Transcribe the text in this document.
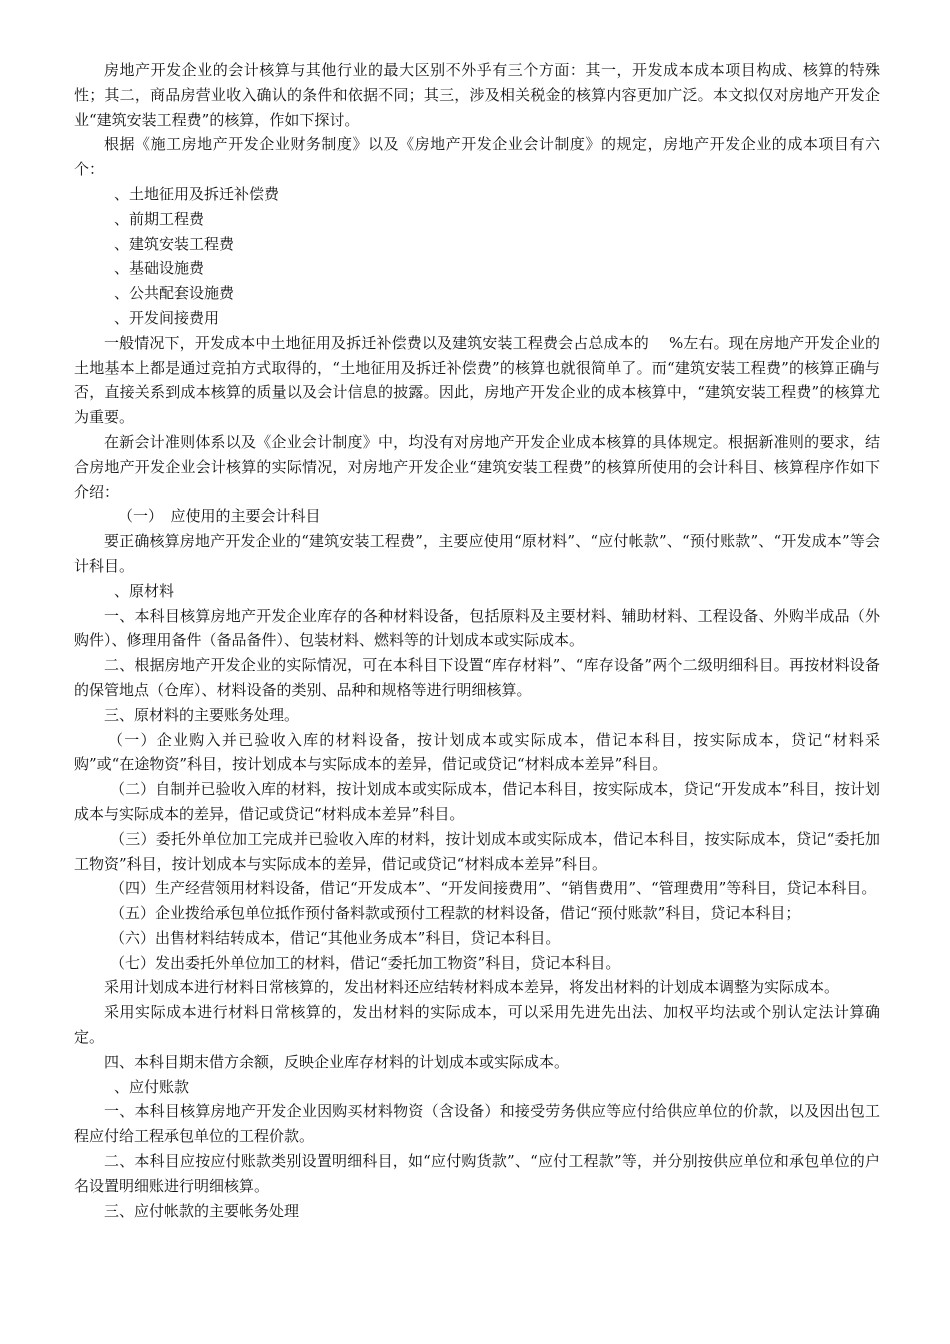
房地产开发企业的会计核算与其他行业的最大区别不外乎有三个方面：其一，开发成本成本项目构成、核算的特殊性；其二，商品房营业收入确认的条件和依据不同；其三，涉及相关税金的核算内容更加广泛。本文拟仅对房地产开发企业“建筑安装工程费”的核算，作如下探讨。

根据《施工房地产开发企业财务制度》以及《房地产开发企业会计制度》的规定，房地产开发企业的成本项目有六个：

、土地征用及拆迁补偿费

、前期工程费

、建筑安装工程费

、基础设施费

、公共配套设施费

、开发间接费用

一般情况下，开发成本中土地征用及拆迁补偿费以及建筑安装工程费会占总成本的　 %左右。现在房地产开发企业的土地基本上都是通过竞拍方式取得的，“土地征用及拆迁补偿费”的核算也就很简单了。而“建筑安装工程费”的核算正确与否，直接关系到成本核算的质量以及会计信息的披露。因此，房地产开发企业的成本核算中，“建筑安装工程费”的核算尤为重要。

在新会计准则体系以及《企业会计制度》中，均没有对房地产开发企业成本核算的具体规定。根据新准则的要求，结合房地产开发企业会计核算的实际情况，对房地产开发企业“建筑安装工程费”的核算所使用的会计科目、核算程序作如下介绍：

（一）　应使用的主要会计科目

要正确核算房地产开发企业的“建筑安装工程费”，主要应使用“原材料”、“应付帐款”、“预付账款”、“开发成本”等会计科目。

、原材料

一、本科目核算房地产开发企业库存的各种材料设备，包括原料及主要材料、辅助材料、工程设备、外购半成品（外购件）、修理用备件（备品备件）、包装材料、燃料等的计划成本或实际成本。

二、根据房地产开发企业的实际情况，可在本科目下设置“库存材料”、“库存设备”两个二级明细科目。再按材料设备的保管地点（仓库）、材料设备的类别、品种和规格等进行明细核算。

三、原材料的主要账务处理。

（一）企业购入并已验收入库的材料设备，按计划成本或实际成本，借记本科目，按实际成本，贷记“材料采购”或“在途物资”科目，按计划成本与实际成本的差异，借记或贷记“材料成本差异”科目。

（二）自制并已验收入库的材料，按计划成本或实际成本，借记本科目，按实际成本，贷记“开发成本”科目，按计划成本与实际成本的差异，借记或贷记“材料成本差异”科目。

（三）委托外单位加工完成并已验收入库的材料，按计划成本或实际成本，借记本科目，按实际成本，贷记“委托加工物资”科目，按计划成本与实际成本的差异，借记或贷记“材料成本差异”科目。

（四）生产经营领用材料设备，借记“开发成本”、“开发间接费用”、“销售费用”、“管理费用”等科目，贷记本科目。

（五）企业拨给承包单位抵作预付备料款或预付工程款的材料设备，借记“预付账款”科目，贷记本科目；

（六）出售材料结转成本，借记“其他业务成本”科目，贷记本科目。

（七）发出委托外单位加工的材料，借记“委托加工物资”科目，贷记本科目。

采用计划成本进行材料日常核算的，发出材料还应结转材料成本差异，将发出材料的计划成本调整为实际成本。

采用实际成本进行材料日常核算的，发出材料的实际成本，可以采用先进先出法、加权平均法或个别认定法计算确定。

四、本科目期末借方余额，反映企业库存材料的计划成本或实际成本。

、应付账款

一、本科目核算房地产开发企业因购买材料物资（含设备）和接受劳务供应等应付给供应单位的价款，以及因出包工程应付给工程承包单位的工程价款。

二、本科目应按应付账款类别设置明细科目，如“应付购货款”、“应付工程款”等，并分别按供应单位和承包单位的户名设置明细账进行明细核算。

三、应付帐款的主要帐务处理
